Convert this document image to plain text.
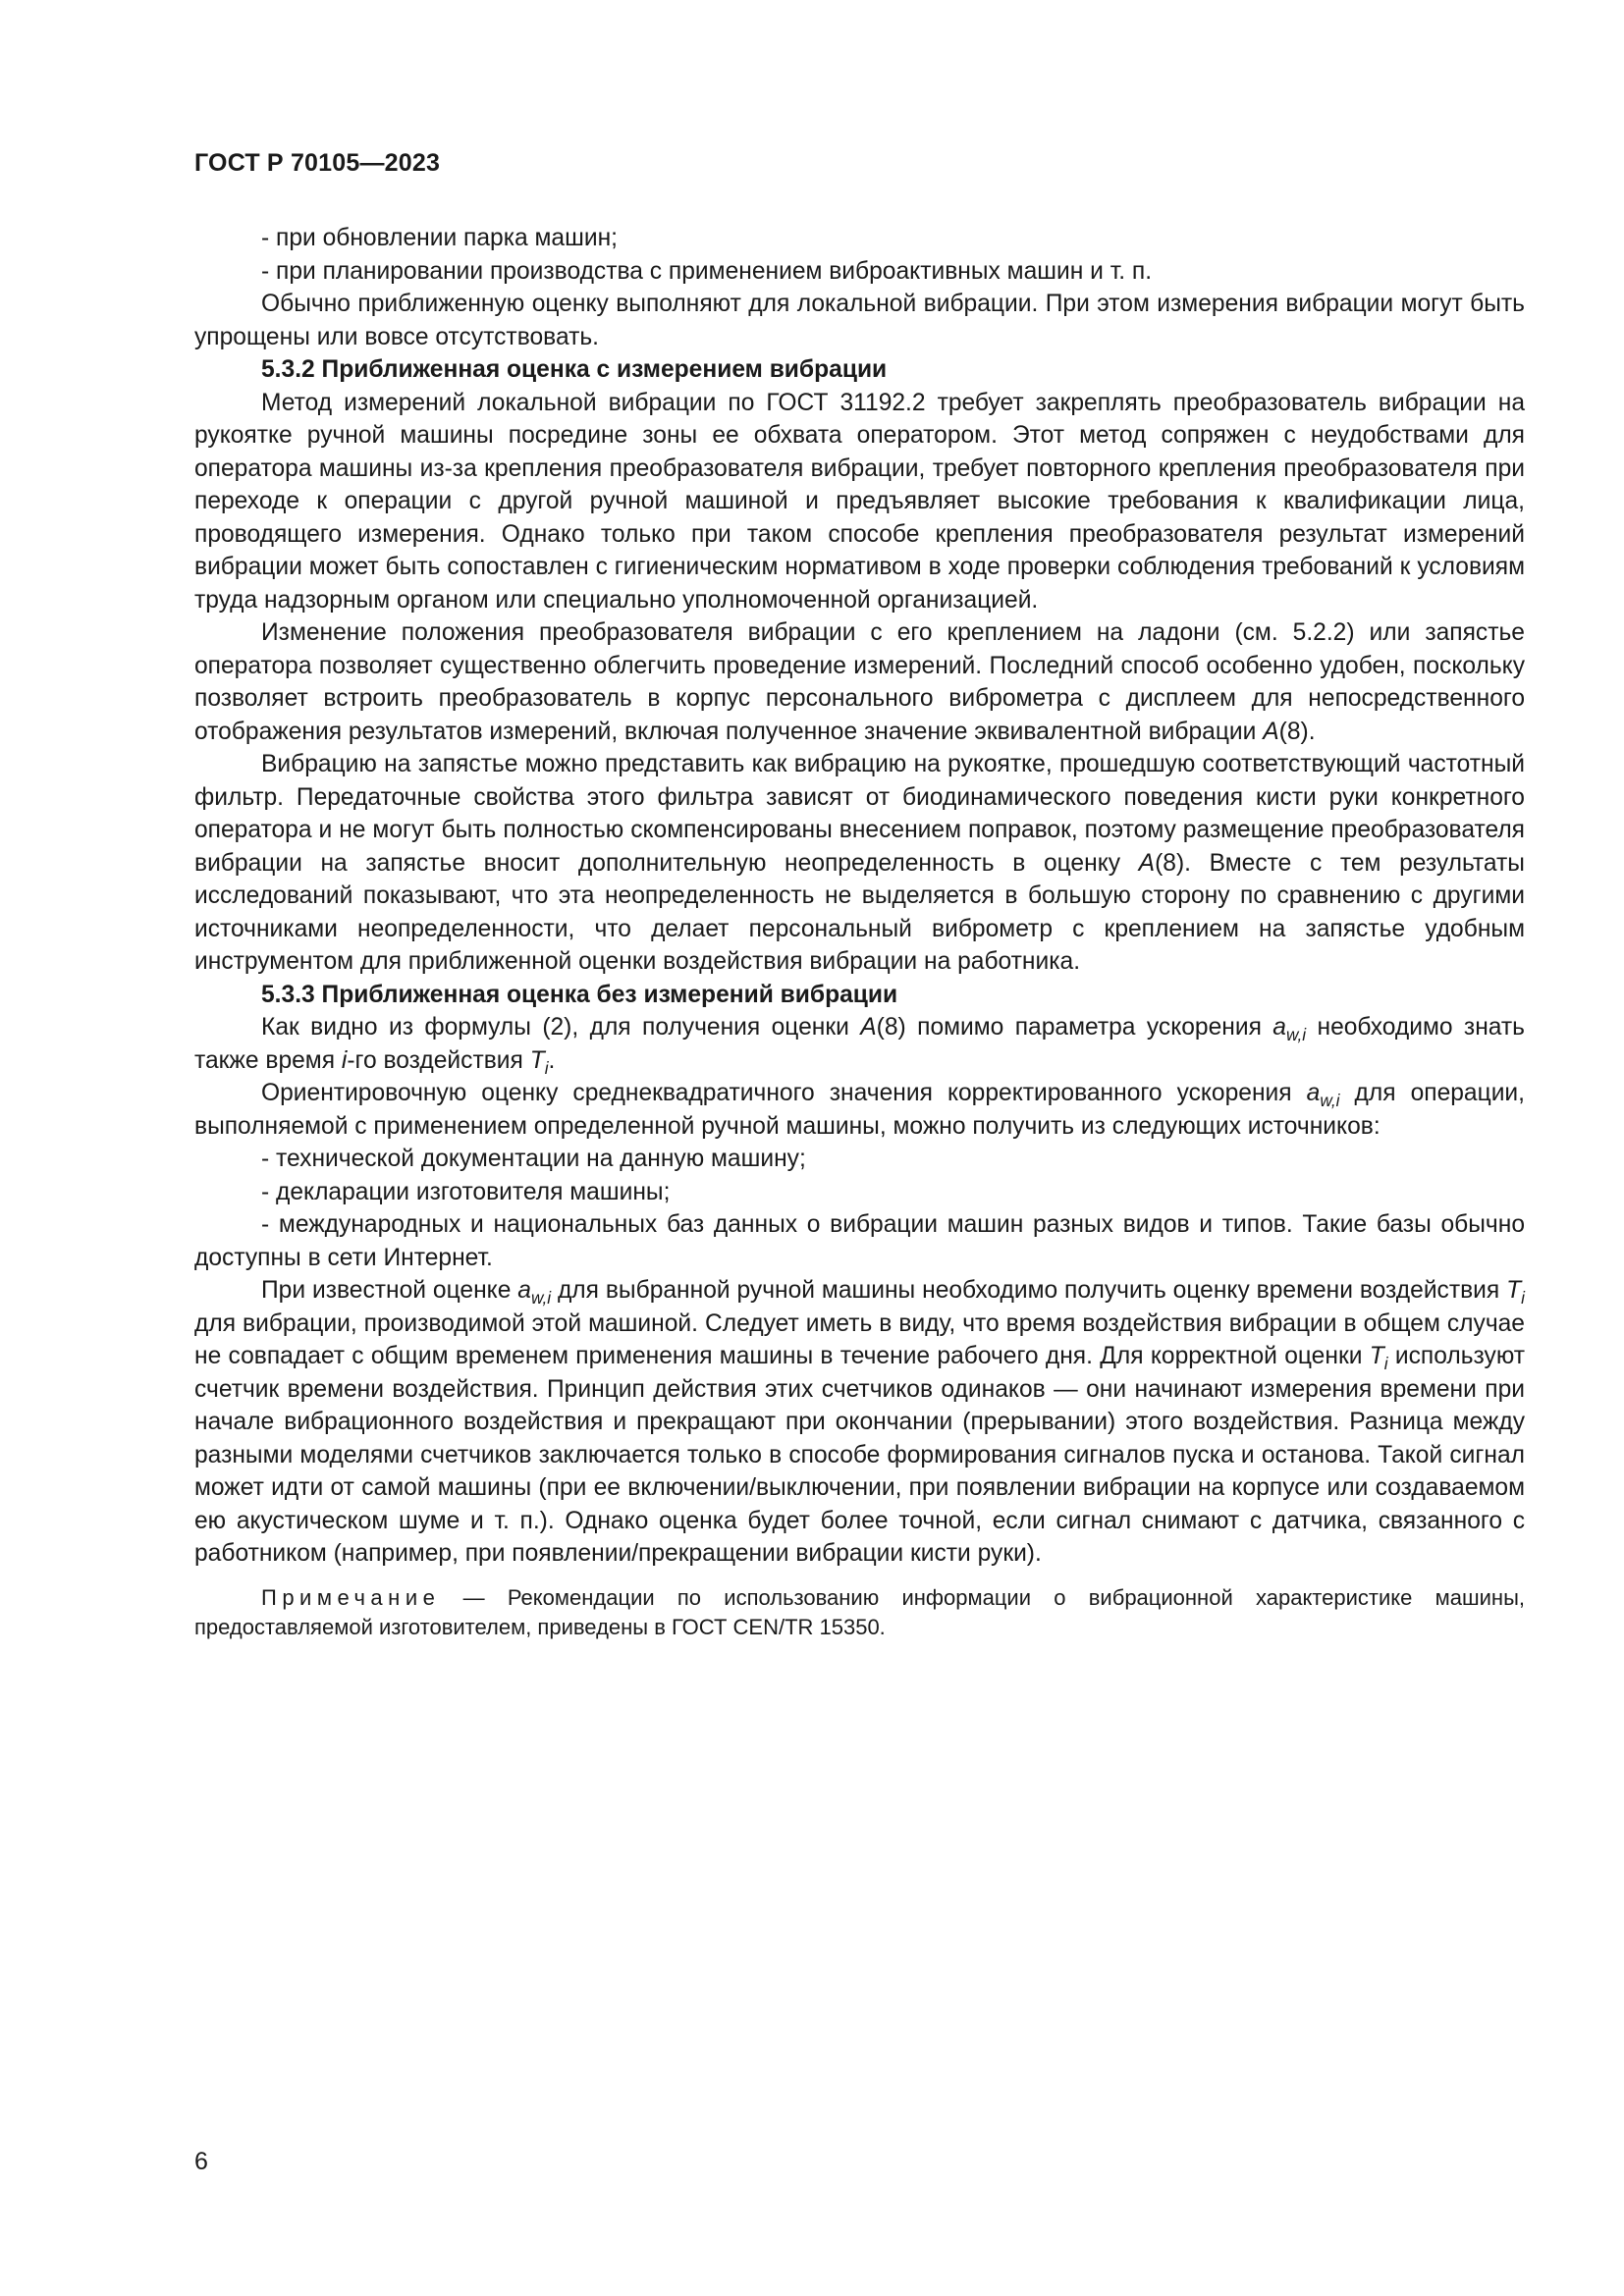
ГОСТ Р 70105—2023

- при обновлении парка машин;

- при планировании производства с применением виброактивных машин и т. п.

Обычно приближенную оценку выполняют для локальной вибрации. При этом измерения вибрации могут быть упрощены или вовсе отсутствовать.

5.3.2 Приближенная оценка с измерением вибрации

Метод измерений локальной вибрации по ГОСТ 31192.2 требует закреплять преобразователь вибрации на рукоятке ручной машины посредине зоны ее обхвата оператором. Этот метод сопряжен с неудобствами для оператора машины из-за крепления преобразователя вибрации, требует повторного крепления преобразователя при переходе к операции с другой ручной машиной и предъявляет высокие требования к квалификации лица, проводящего измерения. Однако только при таком способе крепления преобразователя результат измерений вибрации может быть сопоставлен с гигиеническим нормативом в ходе проверки соблюдения требований к условиям труда надзорным органом или специально уполномоченной организацией.

Изменение положения преобразователя вибрации с его креплением на ладони (см. 5.2.2) или запястье оператора позволяет существенно облегчить проведение измерений. Последний способ особенно удобен, поскольку позволяет встроить преобразователь в корпус персонального виброметра с дисплеем для непосредственного отображения результатов измерений, включая полученное значение эквивалентной вибрации A(8).

Вибрацию на запястье можно представить как вибрацию на рукоятке, прошедшую соответствующий частотный фильтр. Передаточные свойства этого фильтра зависят от биодинамического поведения кисти руки конкретного оператора и не могут быть полностью скомпенсированы внесением поправок, поэтому размещение преобразователя вибрации на запястье вносит дополнительную неопределенность в оценку A(8). Вместе с тем результаты исследований показывают, что эта неопределенность не выделяется в большую сторону по сравнению с другими источниками неопределенности, что делает персональный виброметр с креплением на запястье удобным инструментом для приближенной оценки воздействия вибрации на работника.

5.3.3 Приближенная оценка без измерений вибрации

Как видно из формулы (2), для получения оценки A(8) помимо параметра ускорения $a_{w,i}$ необходимо знать также время i-го воздействия $T_i$.

Ориентировочную оценку среднеквадратичного значения корректированного ускорения $a_{w,i}$ для операции, выполняемой с применением определенной ручной машины, можно получить из следующих источников:

- технической документации на данную машину;

- декларации изготовителя машины;

- международных и национальных баз данных о вибрации машин разных видов и типов. Такие базы обычно доступны в сети Интернет.

При известной оценке $a_{w,i}$ для выбранной ручной машины необходимо получить оценку времени воздействия $T_i$ для вибрации, производимой этой машиной. Следует иметь в виду, что время воздействия вибрации в общем случае не совпадает с общим временем применения машины в течение рабочего дня. Для корректной оценки $T_i$ используют счетчик времени воздействия. Принцип действия этих счетчиков одинаков — они начинают измерения времени при начале вибрационного воздействия и прекращают при окончании (прерывании) этого воздействия. Разница между разными моделями счетчиков заключается только в способе формирования сигналов пуска и останова. Такой сигнал может идти от самой машины (при ее включении/выключении, при появлении вибрации на корпусе или создаваемом ею акустическом шуме и т. п.). Однако оценка будет более точной, если сигнал снимают с датчика, связанного с работником (например, при появлении/прекращении вибрации кисти руки).

Примечание — Рекомендации по использованию информации о вибрационной характеристике машины, предоставляемой изготовителем, приведены в ГОСТ CEN/TR 15350.

6
